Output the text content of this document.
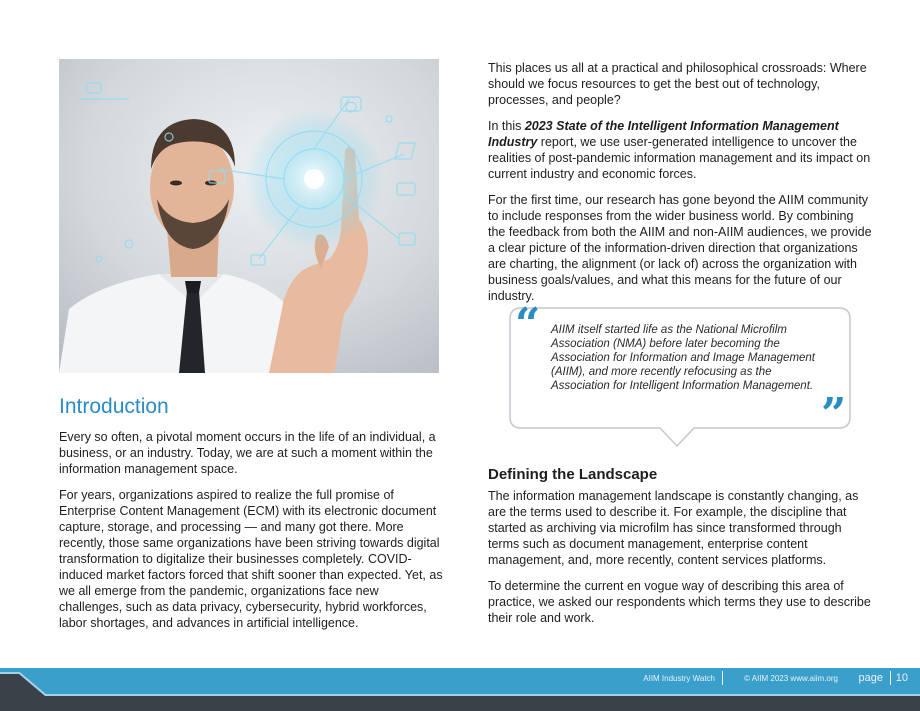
Introduction

Every so often, a pivotal moment occurs in the life of an individual, a business, or an industry. Today, we are at such a moment within the information management space.

For years, organizations aspired to realize the full promise of Enterprise Content Management (ECM) with its electronic document capture, storage, and processing — and many got there. More recently, those same organizations have been striving towards digital transformation to digitalize their businesses completely. COVID-induced market factors forced that shift sooner than expected. Yet, as we all emerge from the pandemic, organizations face new challenges, such as data privacy, cybersecurity, hybrid workforces, labor shortages, and advances in artificial intelligence.

This places us all at a practical and philosophical crossroads: Where should we focus resources to get the best out of technology, processes, and people?

In this 2023 State of the Intelligent Information Management Industry report, we use user-generated intelligence to uncover the realities of post-pandemic information management and its impact on current industry and economic forces.

For the first time, our research has gone beyond the AIIM community to include responses from the wider business world. By combining the feedback from both the AIIM and non-AIIM audiences, we provide a clear picture of the information-driven direction that organizations are charting, the alignment (or lack of) across the organization with business goals/values, and what this means for the future of our industry.

“ AIIM itself started life as the National Microfilm Association (NMA) before later becoming the Association for Information and Image Management (AIIM), and more recently refocusing as the Association for Intelligent Information Management.

”
Defining the Landscape

The information management landscape is constantly changing, as are the terms used to describe it. For example, the discipline that started as archiving via microfilm has since transformed through terms such as document management, enterprise content management, and, more recently, content services platforms.

To determine the current en vogue way of describing this area of practice, we asked our respondents which terms they use to describe their role and work.

AIIM Industry Watch	© AIIM 2023 www.aiim.org page 10
